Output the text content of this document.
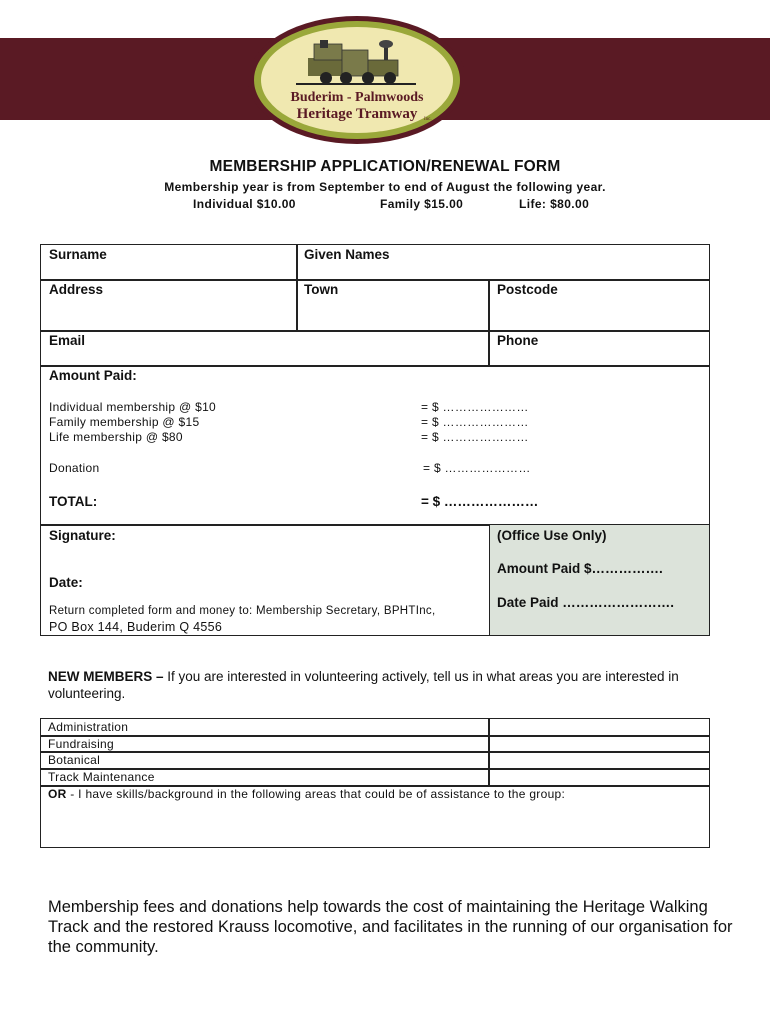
Buderim - Palmwoods
Heritage Tramway Inc.
MEMBERSHIP APPLICATION/RENEWAL FORM
Membership year is from September to end of August the following year.
Individual $10.00	Family $15.00	Life: $80.00
Surname	Given Names
Address	Town	Postcode
Email	Phone
Amount Paid:
Individual membership @ $10	= $ …………………
Family membership @ $15	= $ …………………
Life membership @ $80	= $ …………………
Donation	= $ …………………
TOTAL:	= $ …………………
Signature:
Date:
Return completed form and money to: Membership Secretary, BPHTInc,
PO Box 144, Buderim Q 4556
(Office Use Only)
Amount Paid $…………….
Date Paid …………………….
NEW MEMBERS – If you are interested in volunteering actively, tell us in what areas you are interested in volunteering.
Administration
Fundraising
Botanical
Track Maintenance
OR - I have skills/background in the following areas that could be of assistance to the group:
Membership fees and donations help towards the cost of maintaining the Heritage Walking Track and the restored Krauss locomotive, and facilitates in the running of our organisation for the community.
